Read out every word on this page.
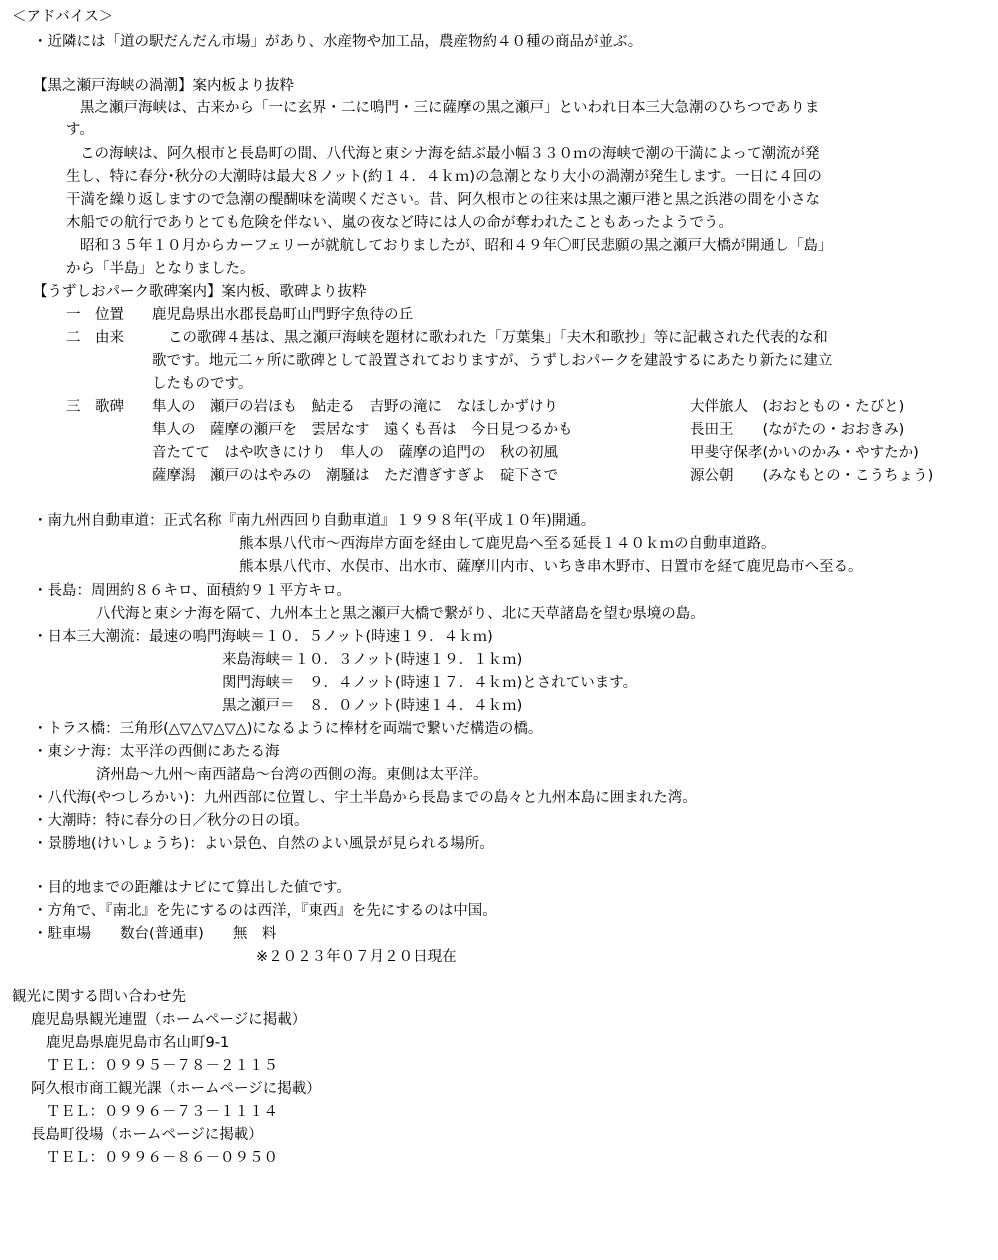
＜アドバイス＞
・近隣には「道の駅だんだん市場」があり、水産物や加工品，農産物約４０種の商品が並ぶ。
【黒之瀬戸海峡の渦潮】案内板より抜粋
黒之瀬戸海峡は、古来から「一に玄界・二に鳴門・三に薩摩の黒之瀬戸」といわれ日本三大急潮のひちつでありま
す。
この海峡は、阿久根市と長島町の間、八代海と東シナ海を結ぶ最小幅３３０ｍの海峡で潮の干満によって潮流が発
生し、特に春分･秋分の大潮時は最大８ノット(約１４．４ｋｍ)の急潮となり大小の渦潮が発生します。一日に４回の
干満を繰り返しますので急潮の醍醐味を満喫ください。昔、阿久根市との往来は黒之瀬戸港と黒之浜港の間を小さな
木船での航行でありとても危険を伴ない、嵐の夜など時には人の命が奪われたこともあったようでう。
昭和３５年１０月からカーフェリーが就航しておりましたが、昭和４９年〇町民悲願の黒之瀬戸大橋が開通し「島」
から「半島」となりました。
【うずしおパーク歌碑案内】案内板、歌碑より抜粋
一　位置 鹿児島県出水郡長島町山門野字魚待の丘
二　由来	この歌碑４基は、黒之瀬戸海峡を題材に歌われた「万葉集」「夫木和歌抄」等に記載された代表的な和
歌です。地元二ヶ所に歌碑として設置されておりますが、うずしおパークを建設するにあたり新たに建立
したものです。
三　歌碑 隼人の　瀬戸の岩ほも　鮎走る　吉野の滝に　なほしかずけり	大伴旅人　(おおともの・たびと)
隼人の　薩摩の瀬戸を　雲居なす　遠くも吾は　今日見つるかも	長田王　　(ながたの・おおきみ)
音たてて　はや吹きにけり　隼人の　薩摩の追門の　秋の初風	甲斐守保孝(かいのかみ・やすたか)
薩摩潟　瀬戸のはやみの　潮騒は　ただ漕ぎすぎよ　碇下さで	源公朝　　(みなもとの・こうちょう)
・南九州自動車道：正式名称『南九州西回り自動車道』１９９８年(平成１０年)開通。
熊本県八代市～西海岸方面を経由して鹿児島へ至る延長１４０ｋｍの自動車道路。
熊本県八代市、水俣市、出水市、薩摩川内市、いちき串木野市、日置市を経て鹿児島市へ至る。
・長島：周囲約８６キロ、面積約９１平方キロ。
八代海と東シナ海を隔て、九州本土と黒之瀬戸大橋で繋がり、北に天草諸島を望む県境の島。
・日本三大潮流：最速の鳴門海峡＝１０．５ノット(時速１９．４ｋｍ)
来島海峡＝１０．３ノット(時速１９．１ｋｍ)
関門海峡＝　９．４ノット(時速１７．４ｋｍ)とされています。
黒之瀬戸＝　８．０ノット(時速１４．４ｋｍ)
・トラス橋：三角形(△▽△▽△▽△)になるように棒材を両端で繋いだ構造の橋。
・東シナ海：太平洋の西側にあたる海
済州島～九州～南西諸島～台湾の西側の海。東側は太平洋。
・八代海(やつしろかい)：九州西部に位置し、宇土半島から長島までの島々と九州本島に囲まれた湾。
・大潮時：特に春分の日／秋分の日の頃。
・景勝地(けいしょうち)：よい景色、自然のよい風景が見られる場所。
・目的地までの距離はナビにて算出した値です。
・方角で、『南北』を先にするのは西洋，『東西』を先にするのは中国。
・駐車場　　数台(普通車)　　無　料
※２０２３年０７月２０日現在
観光に関する問い合わせ先
鹿児島県観光連盟（ホームページに掲載）
鹿児島県鹿児島市名山町9-1
ＴＥＬ：０９９５－７８－２１１５
阿久根市商工観光課（ホームページに掲載）
ＴＥＬ：０９９６－７３－１１１４
長島町役場（ホームページに掲載）
ＴＥＬ：０９９６－８６－０９５０
